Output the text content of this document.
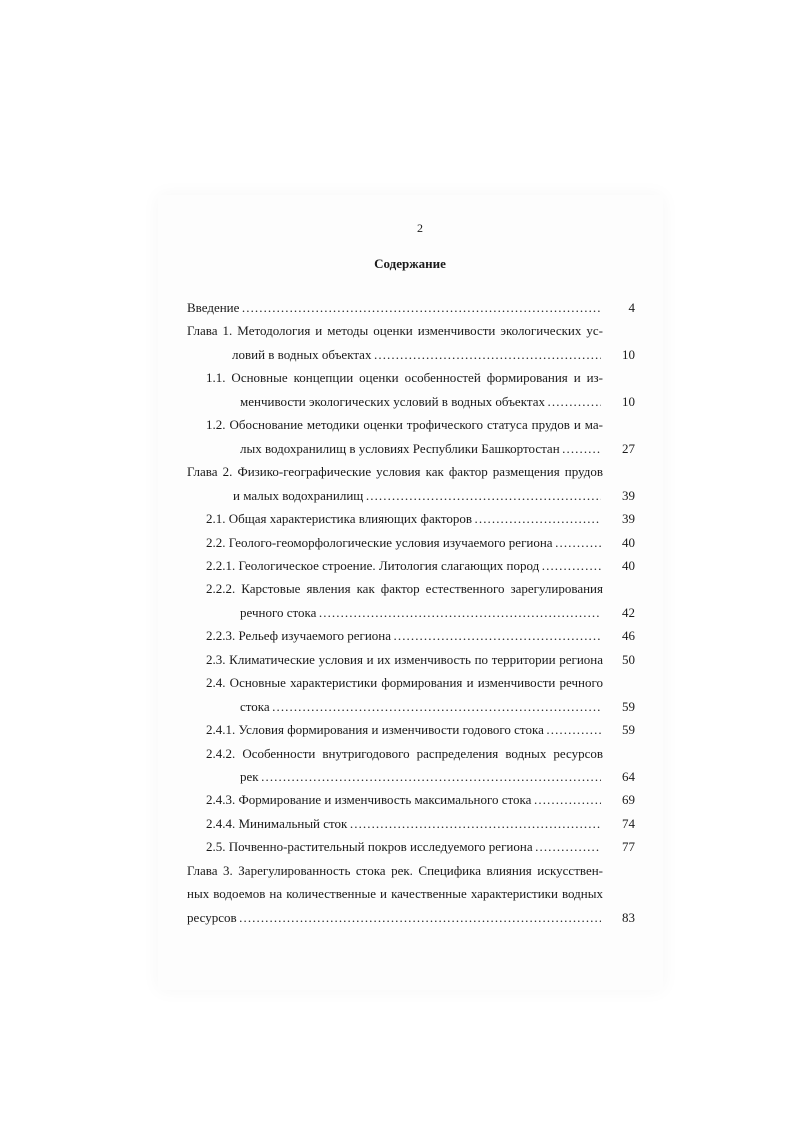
2
Содержание
Введение …………………………………………………………………………………………………………………………	4
Глава 1. Методология и методы оценки изменчивости экологических ус-
ловий в водных объектах …………………………………………………………………………………………………………………………	10
1.1. Основные концепции оценки особенностей формирования и из-
менчивости экологических условий в водных объектах …………………………………………………………………………………………………………………………	10
1.2. Обоснование методики оценки трофического статуса прудов и ма-
лых водохранилищ в условиях Республики Башкортостан …………………………………………………………………………………………………………………………	27
Глава 2. Физико-географические условия как фактор размещения прудов
и малых водохранилищ …………………………………………………………………………………………………………………………	39
2.1. Общая характеристика влияющих факторов …………………………………………………………………………………………………………………………	39
2.2. Геолого-геоморфологические условия изучаемого региона …………………………………………………………………………………………………………………………	40
2.2.1. Геологическое строение. Литология слагающих пород …………………………………………………………………………………………………………………………	40
2.2.2. Карстовые явления как фактор естественного зарегулирования
речного стока …………………………………………………………………………………………………………………………	42
2.2.3. Рельеф изучаемого региона …………………………………………………………………………………………………………………………	46
2.3. Климатические условия и их изменчивость по территории региона	50
2.4. Основные характеристики формирования и изменчивости речного
стока …………………………………………………………………………………………………………………………	59
2.4.1. Условия формирования и изменчивости годового стока …………………………………………………………………………………………………………………………	59
2.4.2. Особенности внутригодового распределения водных ресурсов
рек …………………………………………………………………………………………………………………………	64
2.4.3. Формирование и изменчивость максимального стока …………………………………………………………………………………………………………………………	69
2.4.4. Минимальный сток …………………………………………………………………………………………………………………………	74
2.5. Почвенно-растительный покров исследуемого региона …………………………………………………………………………………………………………………………	77
Глава 3. Зарегулированность стока рек. Специфика влияния искусствен-
ных водоемов на количественные и качественные характеристики водных
ресурсов …………………………………………………………………………………………………………………………	83
